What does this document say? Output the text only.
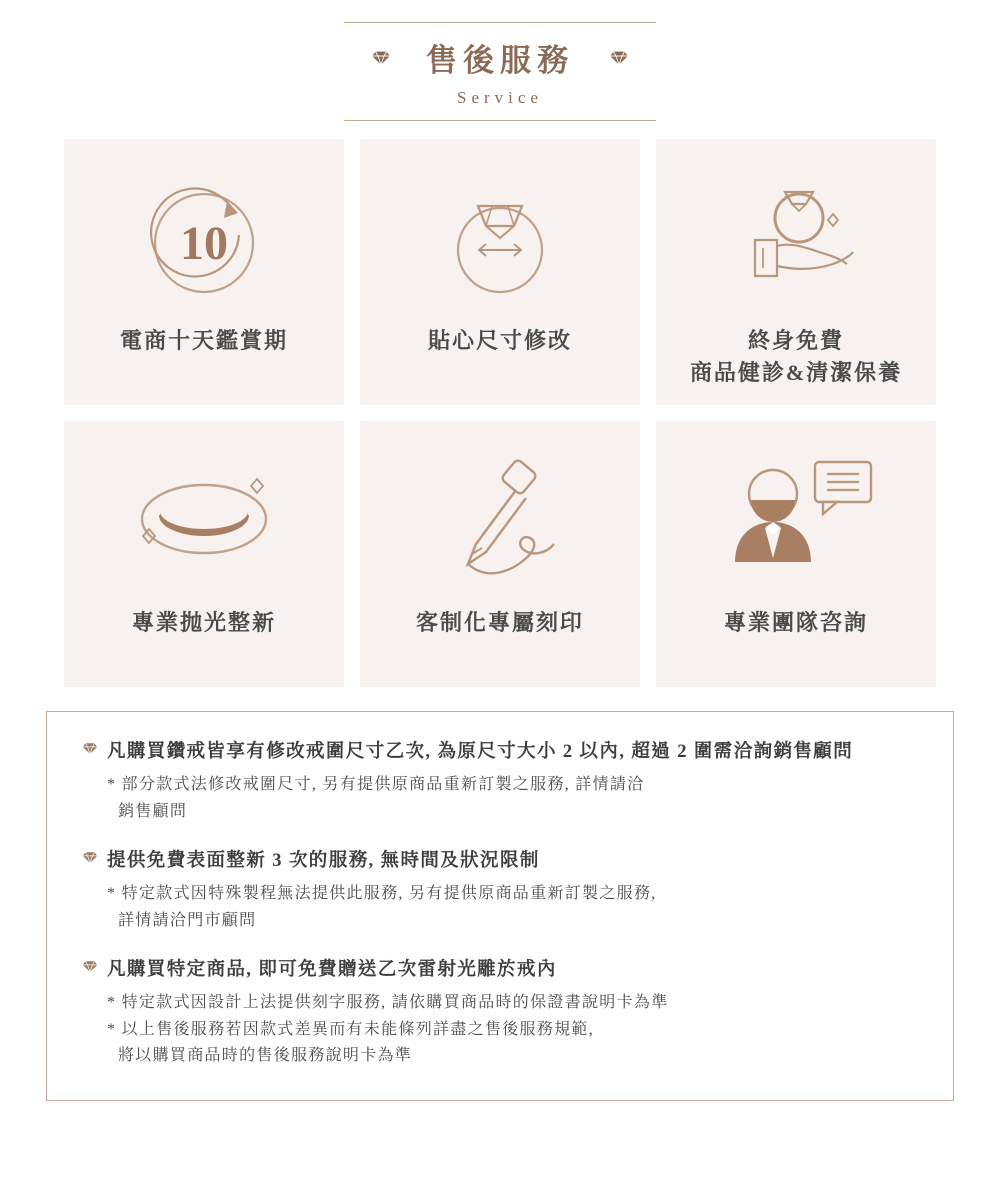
售後服務
Service
10
電商十天鑑賞期	貼心尺寸修改	終身免費
商品健診&清潔保養
專業抛光整新	客制化專屬刻印	專業團隊咨詢
凡購買鑽戒皆享有修改戒圍尺寸乙次, 為原尺寸大小 2 以內, 超過 2 圍需洽詢銷售顧問
* 部分款式法修改戒圍尺寸, 另有提供原商品重新訂製之服務, 詳情請洽
銷售顧問
提供免費表面整新 3 次的服務, 無時間及狀況限制
* 特定款式因特殊製程無法提供此服務, 另有提供原商品重新訂製之服務,
詳情請洽門市顧問
凡購買特定商品, 即可免費贈送乙次雷射光雕於戒內
* 特定款式因設計上法提供刻字服務, 請依購買商品時的保證書說明卡為準
* 以上售後服務若因款式差異而有未能條列詳盡之售後服務規範,
將以購買商品時的售後服務說明卡為準
